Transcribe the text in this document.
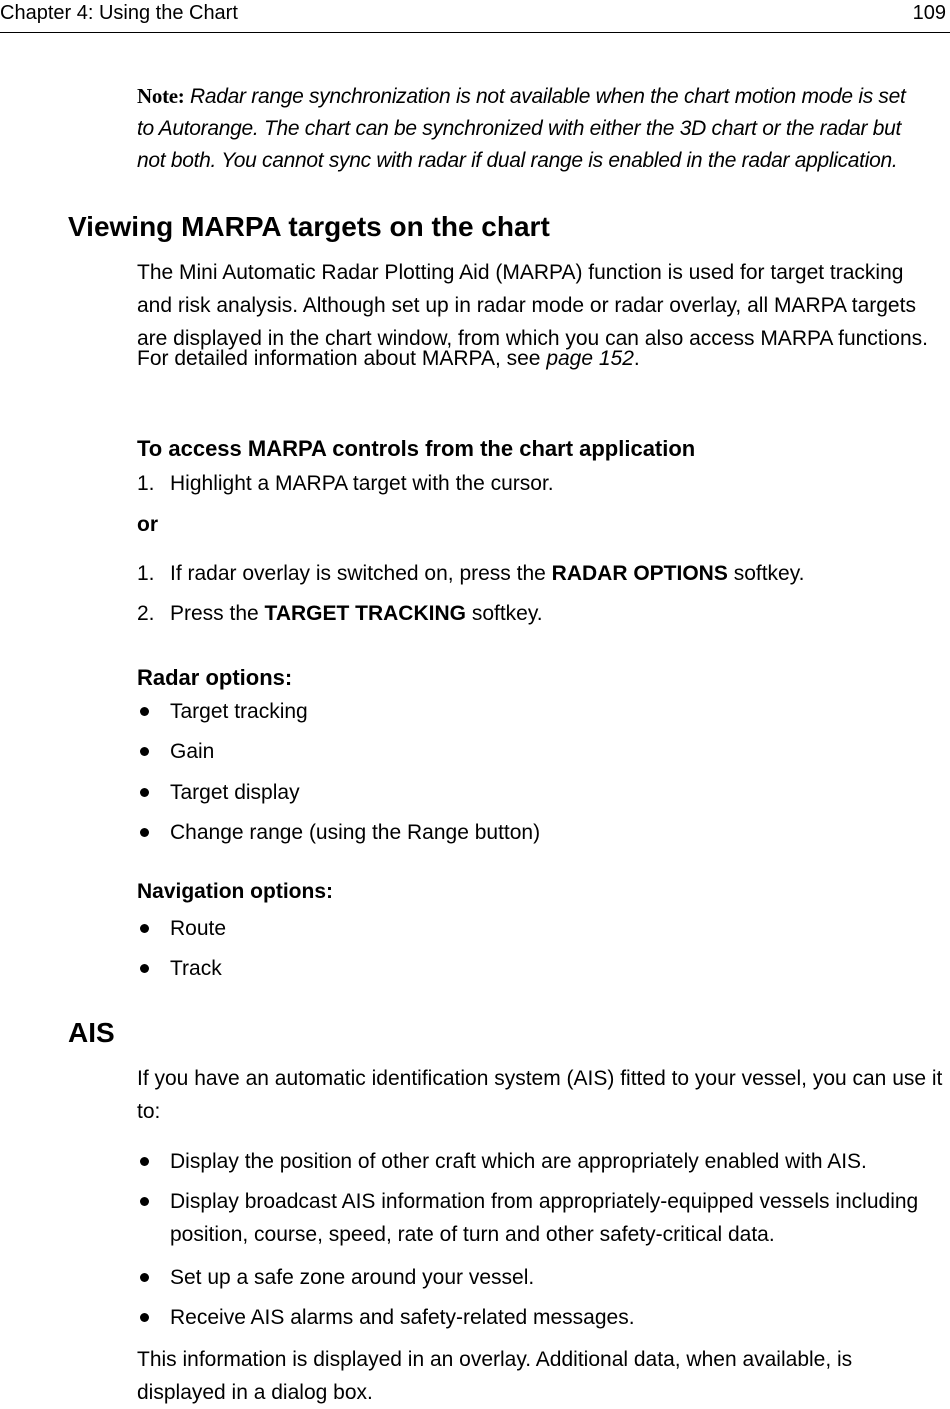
Chapter 4: Using the Chart	109
Note: Radar range synchronization is not available when the chart motion mode is set
to Autorange. The chart can be synchronized with either the 3D chart or the radar but
not both. You cannot sync with radar if dual range is enabled in the radar application.
Viewing MARPA targets on the chart
The Mini Automatic Radar Plotting Aid (MARPA) function is used for target tracking
and risk analysis. Although set up in radar mode or radar overlay, all MARPA targets
are displayed in the chart window, from which you can also access MARPA functions.
For detailed information about MARPA, see page 152.
To access MARPA controls from the chart application
1. Highlight a MARPA target with the cursor.
or
1. If radar overlay is switched on, press the RADAR OPTIONS softkey.
2. Press the TARGET TRACKING softkey.
Radar options:
Target tracking
Gain
Target display
Change range (using the Range button)
Navigation options:
Route
Track
AIS
If you have an automatic identification system (AIS) fitted to your vessel, you can use it
to:
Display the position of other craft which are appropriately enabled with AIS.
Display broadcast AIS information from appropriately-equipped vessels including
position, course, speed, rate of turn and other safety-critical data.
Set up a safe zone around your vessel.
Receive AIS alarms and safety-related messages.
This information is displayed in an overlay. Additional data, when available, is
displayed in a dialog box.
